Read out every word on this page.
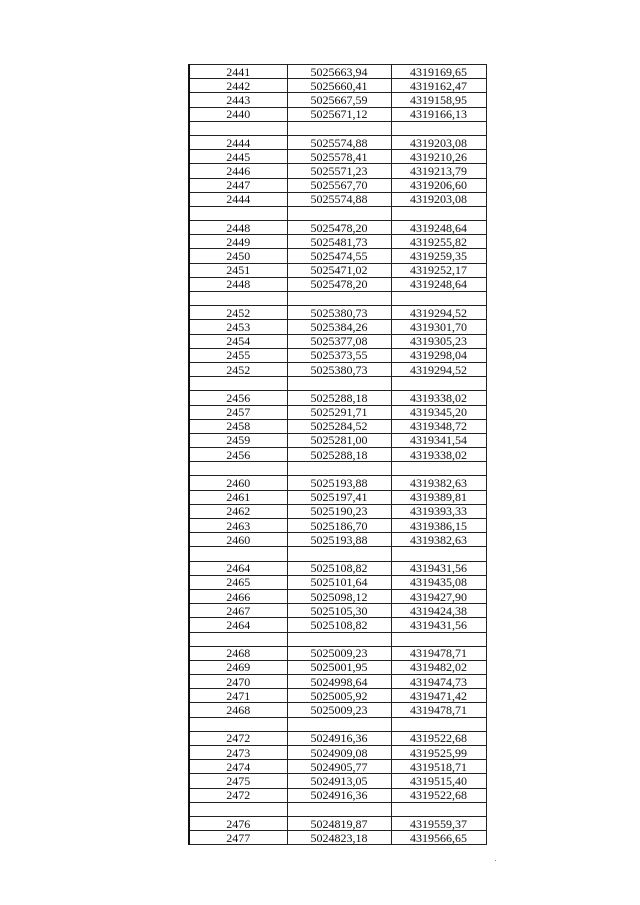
2441	5025663,94	4319169,65
2442	5025660,41	4319162,47
2443	5025667,59	4319158,95
2440	5025671,12	4319166,13

2444	5025574,88	4319203,08
2445	5025578,41	4319210,26
2446	5025571,23	4319213,79
2447	5025567,70	4319206,60
2444	5025574,88	4319203,08

2448	5025478,20	4319248,64
2449	5025481,73	4319255,82
2450	5025474,55	4319259,35
2451	5025471,02	4319252,17
2448	5025478,20	4319248,64

2452	5025380,73	4319294,52
2453	5025384,26	4319301,70
2454	5025377,08	4319305,23
2455	5025373,55	4319298,04
2452	5025380,73	4319294,52

2456	5025288,18	4319338,02
2457	5025291,71	4319345,20
2458	5025284,52	4319348,72
2459	5025281,00	4319341,54
2456	5025288,18	4319338,02

2460	5025193,88	4319382,63
2461	5025197,41	4319389,81
2462	5025190,23	4319393,33
2463	5025186,70	4319386,15
2460	5025193,88	4319382,63

2464	5025108,82	4319431,56
2465	5025101,64	4319435,08
2466	5025098,12	4319427,90
2467	5025105,30	4319424,38
2464	5025108,82	4319431,56

2468	5025009,23	4319478,71
2469	5025001,95	4319482,02
2470	5024998,64	4319474,73
2471	5025005,92	4319471,42
2468	5025009,23	4319478,71

2472	5024916,36	4319522,68
2473	5024909,08	4319525,99
2474	5024905,77	4319518,71
2475	5024913,05	4319515,40
2472	5024916,36	4319522,68

2476	5024819,87	4319559,37
2477	5024823,18	4319566,65
